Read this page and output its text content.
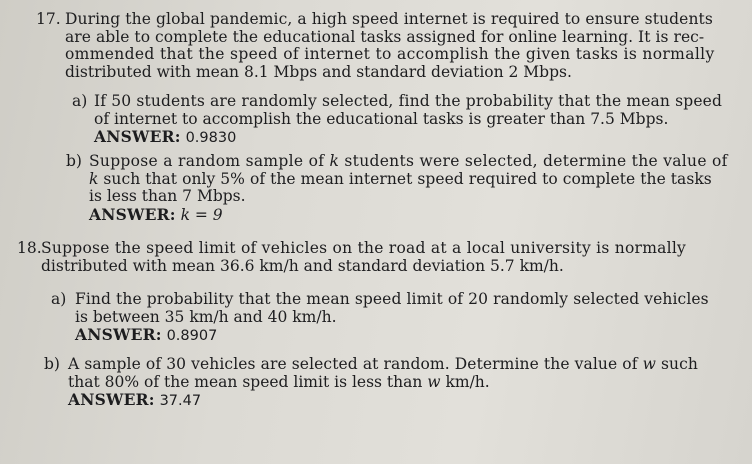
17. During the global pandemic, a high speed internet is required to ensure students
are able to complete the educational tasks assigned for online learning. It is rec-
ommended that the speed of internet to accomplish the given tasks is normally
distributed with mean 8.1 Mbps and standard deviation 2 Mbps.
a) If 50 students are randomly selected, find the probability that the mean speed
of internet to accomplish the educational tasks is greater than 7.5 Mbps.
ANSWER: 0.9830
b) Suppose a random sample of k students were selected, determine the value of
k such that only 5% of the mean internet speed required to complete the tasks
is less than 7 Mbps.
ANSWER: k = 9
18. Suppose the speed limit of vehicles on the road at a local university is normally
distributed with mean 36.6 km/h and standard deviation 5.7 km/h.
a) Find the probability that the mean speed limit of 20 randomly selected vehicles
is between 35 km/h and 40 km/h.
ANSWER: 0.8907
b) A sample of 30 vehicles are selected at random. Determine the value of w such
that 80% of the mean speed limit is less than w km/h.
ANSWER: 37.47
